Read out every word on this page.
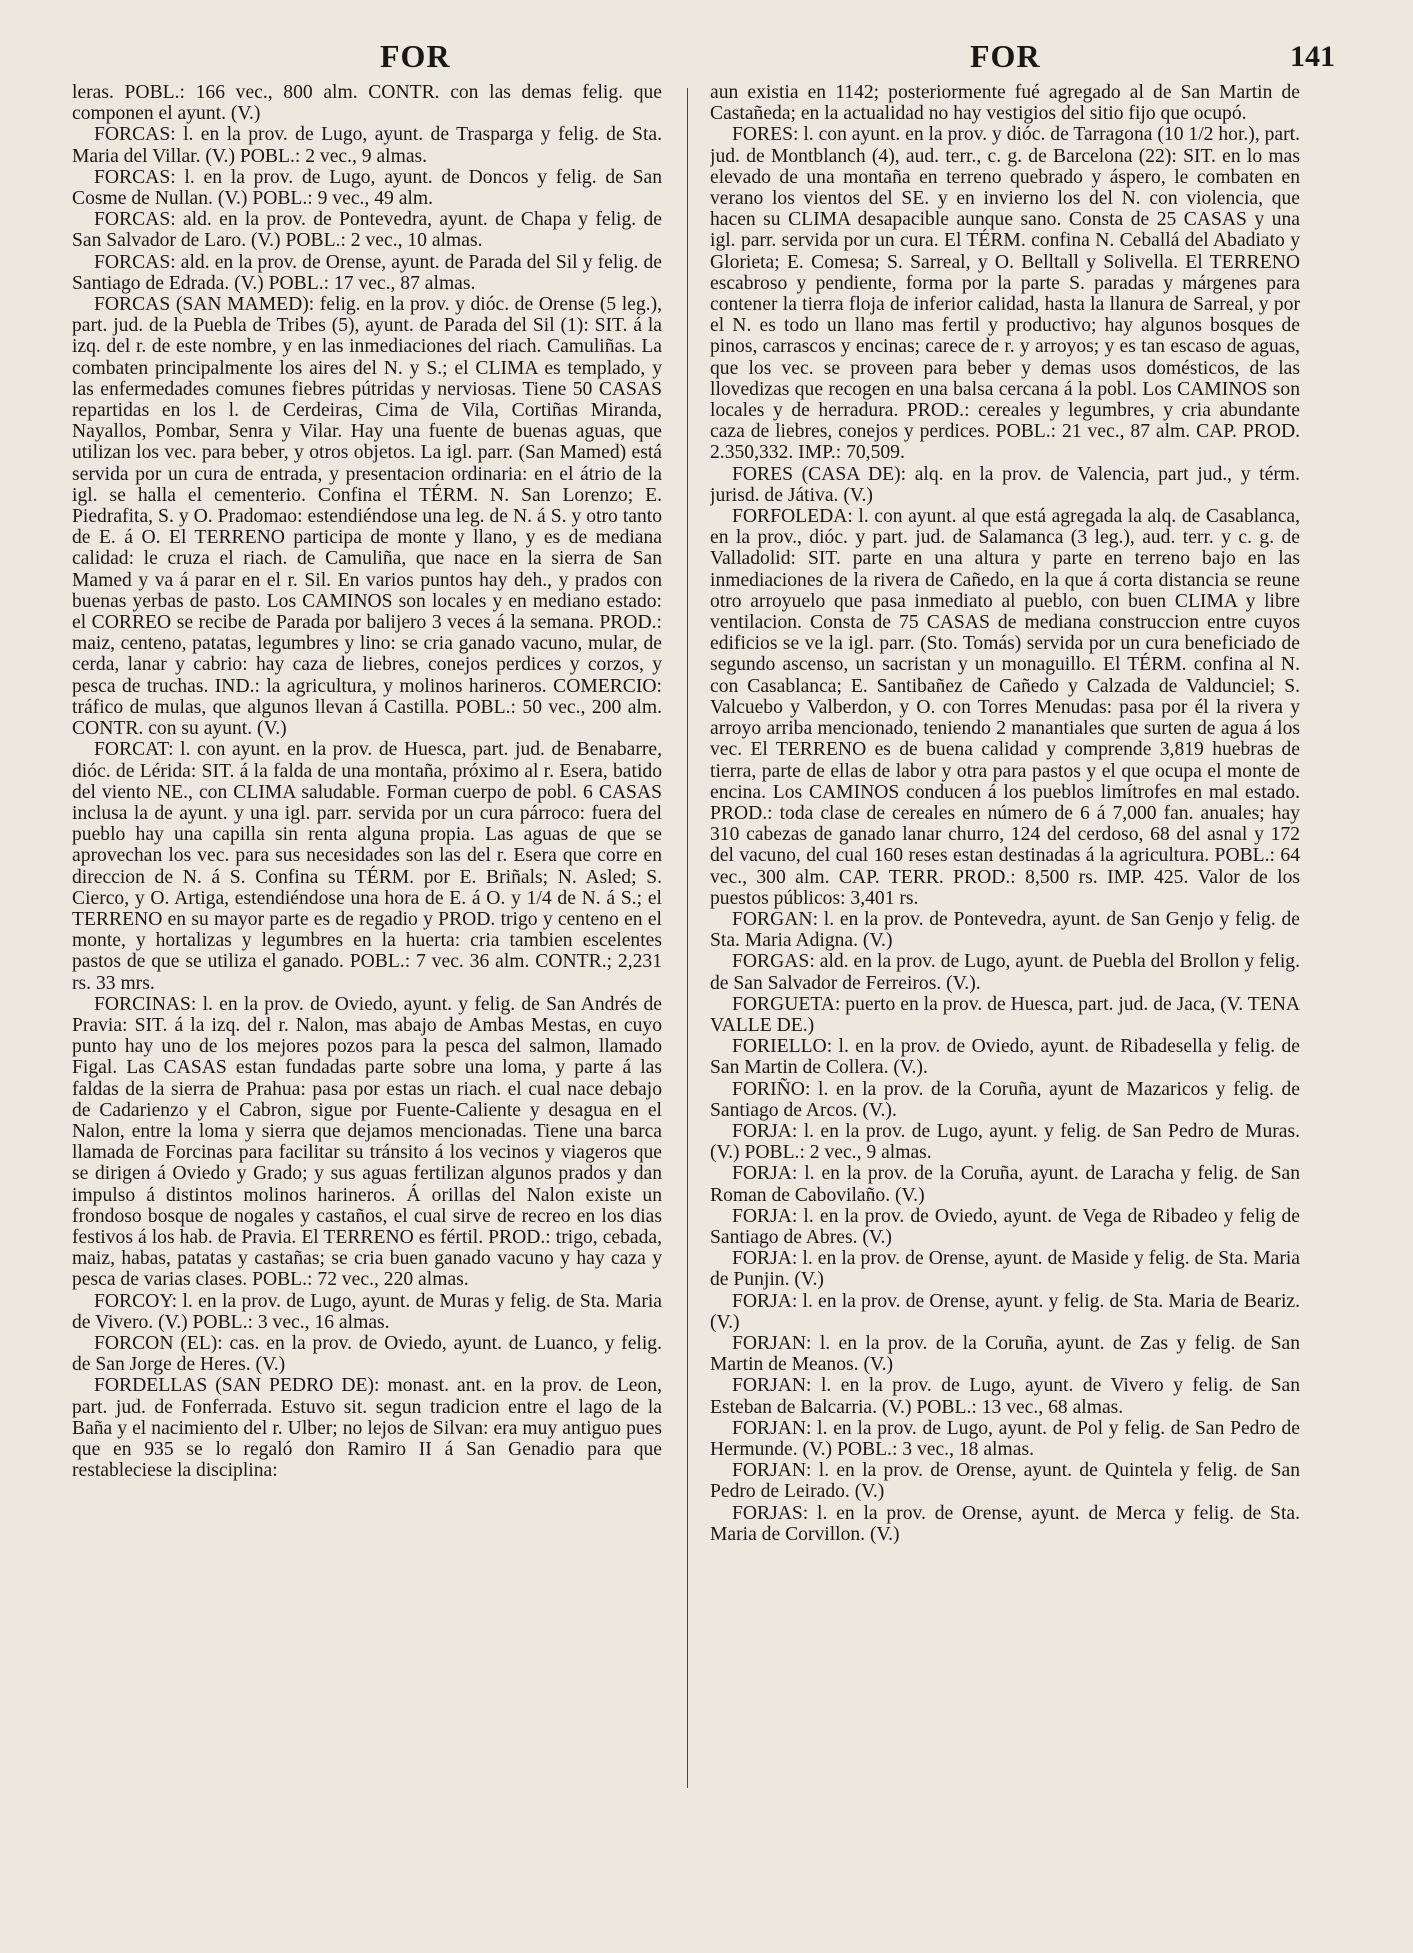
FOR	FOR	141

leras. POBL.: 166 vec., 800 alm. CONTR. con las demas felig. que componen el ayunt. (V.)

FORCAS: l. en la prov. de Lugo, ayunt. de Trasparga y felig. de Sta. Maria del Villar. (V.) POBL.: 2 vec., 9 almas.

FORCAS: l. en la prov. de Lugo, ayunt. de Doncos y felig. de San Cosme de Nullan. (V.) POBL.: 9 vec., 49 alm.

FORCAS: ald. en la prov. de Pontevedra, ayunt. de Chapa y felig. de San Salvador de Laro. (V.) POBL.: 2 vec., 10 almas.

FORCAS: ald. en la prov. de Orense, ayunt. de Parada del Sil y felig. de Santiago de Edrada. (V.) POBL.: 17 vec., 87 almas.

FORCAS (SAN MAMED): felig. en la prov. y dióc. de Orense (5 leg.), part. jud. de la Puebla de Tribes (5), ayunt. de Parada del Sil (1): SIT. á la izq. del r. de este nombre, y en las inmediaciones del riach. Camuliñas. La combaten principalmente los aires del N. y S.; el CLIMA es templado, y las enfermedades comunes fiebres pútridas y nerviosas. Tiene 50 CASAS repartidas en los l. de Cerdeiras, Cima de Vila, Cortiñas Miranda, Nayallos, Pombar, Senra y Vilar. Hay una fuente de buenas aguas, que utilizan los vec. para beber, y otros objetos. La igl. parr. (San Mamed) está servida por un cura de entrada, y presentacion ordinaria: en el átrio de la igl. se halla el cementerio. Confina el TÉRM. N. San Lorenzo; E. Piedrafita, S. y O. Pradomao: estendiéndose una leg. de N. á S. y otro tanto de E. á O. El TERRENO participa de monte y llano, y es de mediana calidad: le cruza el riach. de Camuliña, que nace en la sierra de San Mamed y va á parar en el r. Sil. En varios puntos hay deh., y prados con buenas yerbas de pasto. Los CAMINOS son locales y en mediano estado: el CORREO se recibe de Parada por balijero 3 veces á la semana. PROD.: maiz, centeno, patatas, legumbres y lino: se cria ganado vacuno, mular, de cerda, lanar y cabrio: hay caza de liebres, conejos perdices y corzos, y pesca de truchas. IND.: la agricultura, y molinos harineros. COMERCIO: tráfico de mulas, que algunos llevan á Castilla. POBL.: 50 vec., 200 alm. CONTR. con su ayunt. (V.)

FORCAT: l. con ayunt. en la prov. de Huesca, part. jud. de Benabarre, dióc. de Lérida: SIT. á la falda de una montaña, próximo al r. Esera, batido del viento NE., con CLIMA saludable. Forman cuerpo de pobl. 6 CASAS inclusa la de ayunt. y una igl. parr. servida por un cura párroco: fuera del pueblo hay una capilla sin renta alguna propia. Las aguas de que se aprovechan los vec. para sus necesidades son las del r. Esera que corre en direccion de N. á S. Confina su TÉRM. por E. Briñals; N. Asled; S. Cierco, y O. Artiga, estendiéndose una hora de E. á O. y 1/4 de N. á S.; el TERRENO en su mayor parte es de regadio y PROD. trigo y centeno en el monte, y hortalizas y legumbres en la huerta: cria tambien escelentes pastos de que se utiliza el ganado. POBL.: 7 vec. 36 alm. CONTR.; 2,231 rs. 33 mrs.

FORCINAS: l. en la prov. de Oviedo, ayunt. y felig. de San Andrés de Pravia: SIT. á la izq. del r. Nalon, mas abajo de Ambas Mestas, en cuyo punto hay uno de los mejores pozos para la pesca del salmon, llamado Figal. Las CASAS estan fundadas parte sobre una loma, y parte á las faldas de la sierra de Prahua: pasa por estas un riach. el cual nace debajo de Cadarienzo y el Cabron, sigue por Fuente-Caliente y desagua en el Nalon, entre la loma y sierra que dejamos mencionadas. Tiene una barca llamada de Forcinas para facilitar su tránsito á los vecinos y viageros que se dirigen á Oviedo y Grado; y sus aguas fertilizan algunos prados y dan impulso á distintos molinos harineros. Á orillas del Nalon existe un frondoso bosque de nogales y castaños, el cual sirve de recreo en los dias festivos á los hab. de Pravia. El TERRENO es fértil. PROD.: trigo, cebada, maiz, habas, patatas y castañas; se cria buen ganado vacuno y hay caza y pesca de varias clases. POBL.: 72 vec., 220 almas.

FORCOY: l. en la prov. de Lugo, ayunt. de Muras y felig. de Sta. Maria de Vivero. (V.) POBL.: 3 vec., 16 almas.

FORCON (EL): cas. en la prov. de Oviedo, ayunt. de Luanco, y felig. de San Jorge de Heres. (V.)

FORDELLAS (SAN PEDRO DE): monast. ant. en la prov. de Leon, part. jud. de Fonferrada. Estuvo sit. segun tradicion entre el lago de la Baña y el nacimiento del r. Ulber; no lejos de Silvan: era muy antiguo pues que en 935 se lo regaló don Ramiro II á San Genadio para que restableciese la disciplina:

aun existia en 1142; posteriormente fué agregado al de San Martin de Castañeda; en la actualidad no hay vestigios del sitio fijo que ocupó.

FORES: l. con ayunt. en la prov. y dióc. de Tarragona (10 1/2 hor.), part. jud. de Montblanch (4), aud. terr., c. g. de Barcelona (22): SIT. en lo mas elevado de una montaña en terreno quebrado y áspero, le combaten en verano los vientos del SE. y en invierno los del N. con violencia, que hacen su CLIMA desapacible aunque sano. Consta de 25 CASAS y una igl. parr. servida por un cura. El TÉRM. confina N. Ceballá del Abadiato y Glorieta; E. Comesa; S. Sarreal, y O. Belltall y Solivella. El TERRENO escabroso y pendiente, forma por la parte S. paradas y márgenes para contener la tierra floja de inferior calidad, hasta la llanura de Sarreal, y por el N. es todo un llano mas fertil y productivo; hay algunos bosques de pinos, carrascos y encinas; carece de r. y arroyos; y es tan escaso de aguas, que los vec. se proveen para beber y demas usos domésticos, de las llovedizas que recogen en una balsa cercana á la pobl. Los CAMINOS son locales y de herradura. PROD.: cereales y legumbres, y cria abundante caza de liebres, conejos y perdices. POBL.: 21 vec., 87 alm. CAP. PROD. 2.350,332. IMP.: 70,509.

FORES (CASA DE): alq. en la prov. de Valencia, part jud., y térm. jurisd. de Játiva. (V.)

FORFOLEDA: l. con ayunt. al que está agregada la alq. de Casablanca, en la prov., dióc. y part. jud. de Salamanca (3 leg.), aud. terr. y c. g. de Valladolid: SIT. parte en una altura y parte en terreno bajo en las inmediaciones de la rivera de Cañedo, en la que á corta distancia se reune otro arroyuelo que pasa inmediato al pueblo, con buen CLIMA y libre ventilacion. Consta de 75 CASAS de mediana construccion entre cuyos edificios se ve la igl. parr. (Sto. Tomás) servida por un cura beneficiado de segundo ascenso, un sacristan y un monaguillo. El TÉRM. confina al N. con Casablanca; E. Santibañez de Cañedo y Calzada de Valdunciel; S. Valcuebo y Valberdon, y O. con Torres Menudas: pasa por él la rivera y arroyo arriba mencionado, teniendo 2 manantiales que surten de agua á los vec. El TERRENO es de buena calidad y comprende 3,819 huebras de tierra, parte de ellas de labor y otra para pastos y el que ocupa el monte de encina. Los CAMINOS conducen á los pueblos limítrofes en mal estado. PROD.: toda clase de cereales en número de 6 á 7,000 fan. anuales; hay 310 cabezas de ganado lanar churro, 124 del cerdoso, 68 del asnal y 172 del vacuno, del cual 160 reses estan destinadas á la agricultura. POBL.: 64 vec., 300 alm. CAP. TERR. PROD.: 8,500 rs. IMP. 425. Valor de los puestos públicos: 3,401 rs.

FORGAN: l. en la prov. de Pontevedra, ayunt. de San Genjo y felig. de Sta. Maria Adigna. (V.)

FORGAS: ald. en la prov. de Lugo, ayunt. de Puebla del Brollon y felig. de San Salvador de Ferreiros. (V.).

FORGUETA: puerto en la prov. de Huesca, part. jud. de Jaca, (V. TENA VALLE DE.)

FORIELLO: l. en la prov. de Oviedo, ayunt. de Ribadesella y felig. de San Martin de Collera. (V.).

FORIÑO: l. en la prov. de la Coruña, ayunt de Mazaricos y felig. de Santiago de Arcos. (V.).

FORJA: l. en la prov. de Lugo, ayunt. y felig. de San Pedro de Muras. (V.) POBL.: 2 vec., 9 almas.

FORJA: l. en la prov. de la Coruña, ayunt. de Laracha y felig. de San Roman de Cabovilaño. (V.)

FORJA: l. en la prov. de Oviedo, ayunt. de Vega de Ribadeo y felig de Santiago de Abres. (V.)

FORJA: l. en la prov. de Orense, ayunt. de Maside y felig. de Sta. Maria de Punjin. (V.)

FORJA: l. en la prov. de Orense, ayunt. y felig. de Sta. Maria de Beariz. (V.)

FORJAN: l. en la prov. de la Coruña, ayunt. de Zas y felig. de San Martin de Meanos. (V.)

FORJAN: l. en la prov. de Lugo, ayunt. de Vivero y felig. de San Esteban de Balcarria. (V.) POBL.: 13 vec., 68 almas.

FORJAN: l. en la prov. de Lugo, ayunt. de Pol y felig. de San Pedro de Hermunde. (V.) POBL.: 3 vec., 18 almas.

FORJAN: l. en la prov. de Orense, ayunt. de Quintela y felig. de San Pedro de Leirado. (V.)

FORJAS: l. en la prov. de Orense, ayunt. de Merca y felig. de Sta. Maria de Corvillon. (V.)
